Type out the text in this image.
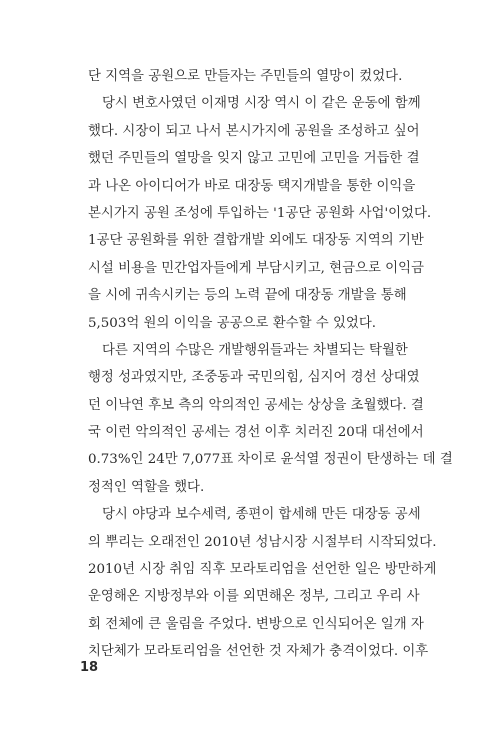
단 지역을 공원으로 만들자는 주민들의 열망이 컸었다.
당시 변호사였던 이재명 시장 역시 이 같은 운동에 함께
했다. 시장이 되고 나서 본시가지에 공원을 조성하고 싶어
했던 주민들의 열망을 잊지 않고 고민에 고민을 거듭한 결
과 나온 아이디어가 바로 대장동 택지개발을 통한 이익을
본시가지 공원 조성에 투입하는 '1공단 공원화 사업'이었다.
1공단 공원화를 위한 결합개발 외에도 대장동 지역의 기반
시설 비용을 민간업자들에게 부담시키고, 현금으로 이익금
을 시에 귀속시키는 등의 노력 끝에 대장동 개발을 통해
5,503억 원의 이익을 공공으로 환수할 수 있었다.
다른 지역의 수많은 개발행위들과는 차별되는 탁월한
행정 성과였지만, 조중동과 국민의힘, 심지어 경선 상대였
던 이낙연 후보 측의 악의적인 공세는 상상을 초월했다. 결
국 이런 악의적인 공세는 경선 이후 치러진 20대 대선에서
0.73%인 24만 7,077표 차이로 윤석열 정권이 탄생하는 데 결
정적인 역할을 했다.
당시 야당과 보수세력, 종편이 합세해 만든 대장동 공세
의 뿌리는 오래전인 2010년 성남시장 시절부터 시작되었다.
2010년 시장 취임 직후 모라토리엄을 선언한 일은 방만하게
운영해온 지방정부와 이를 외면해온 정부, 그리고 우리 사
회 전체에 큰 울림을 주었다. 변방으로 인식되어온 일개 자
치단체가 모라토리엄을 선언한 것 자체가 충격이었다. 이후
18
